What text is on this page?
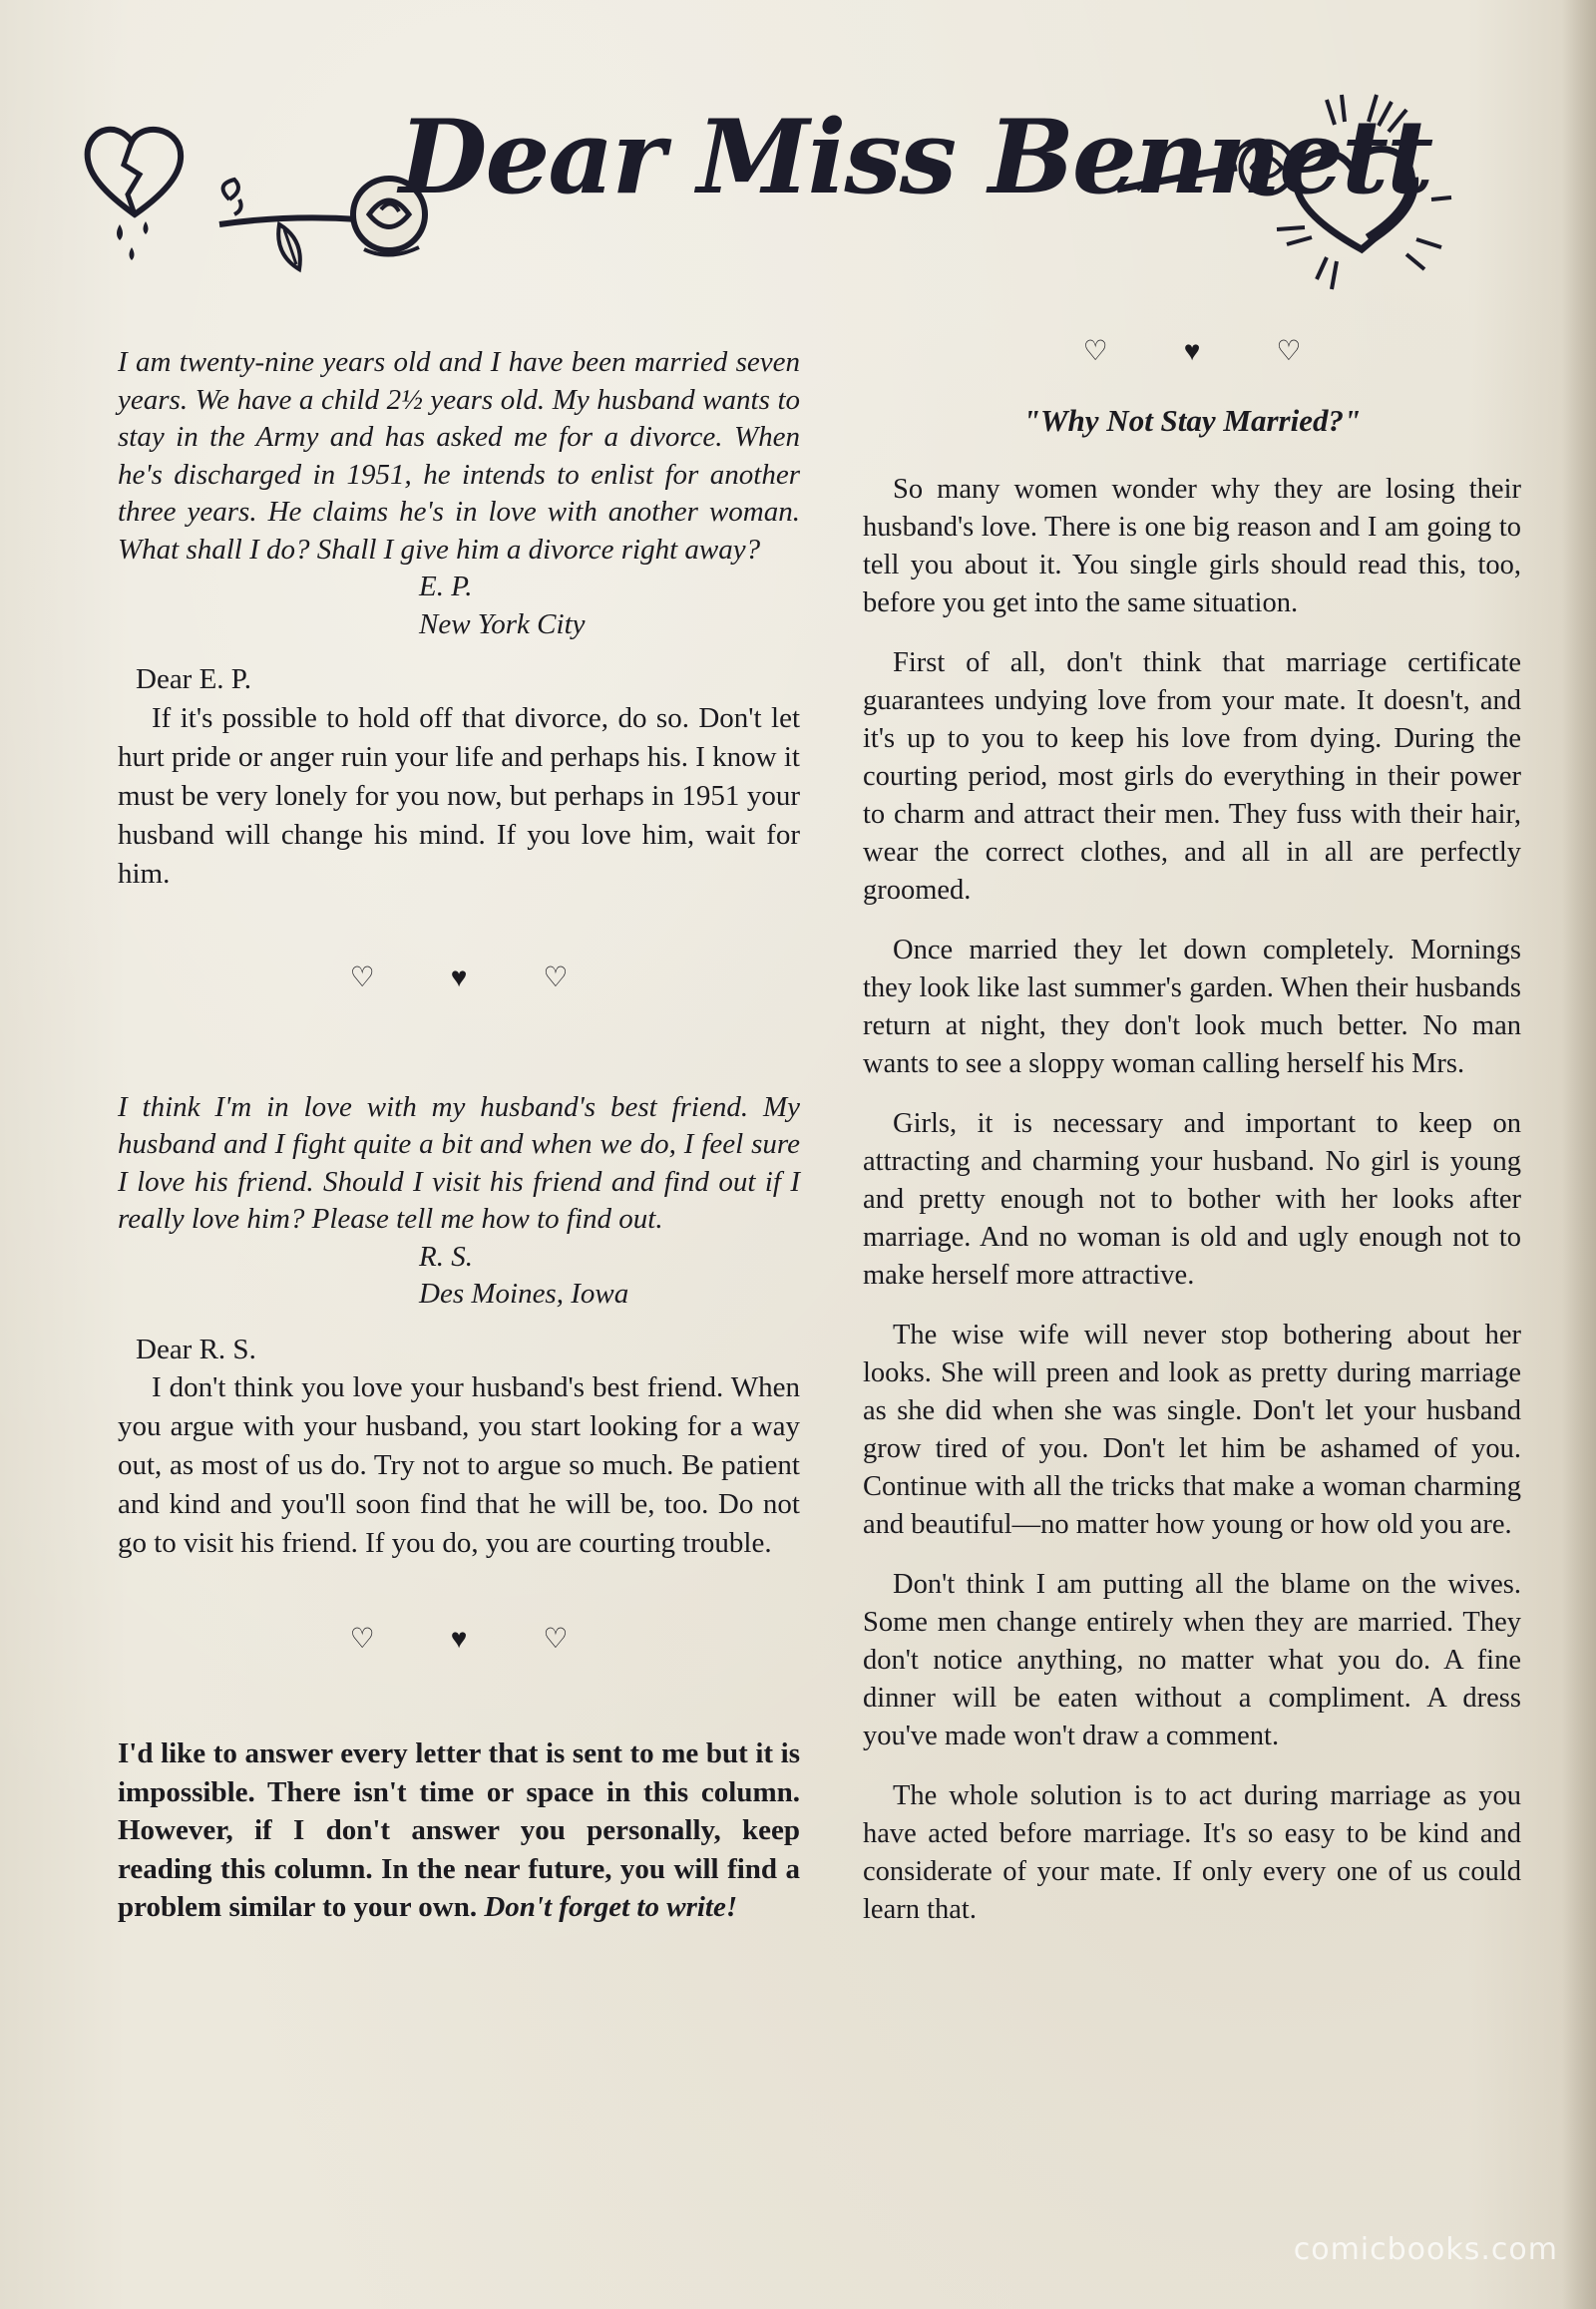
Dear Miss Bennett

I am twenty-nine years old and I have been married seven years. We have a child 2½ years old. My husband wants to stay in the Army and has asked me for a divorce. When he's discharged in 1951, he intends to enlist for another three years. He claims he's in love with another woman. What shall I do? Shall I give him a divorce right away?

E. P.

New York City

Dear E. P.

If it's possible to hold off that divorce, do so. Don't let hurt pride or anger ruin your life and perhaps his. I know it must be very lonely for you now, but perhaps in 1951 your husband will change his mind. If you love him, wait for him.

♡	♥	♡

I think I'm in love with my husband's best friend. My husband and I fight quite a bit and when we do, I feel sure I love his friend. Should I visit his friend and find out if I really love him? Please tell me how to find out.

R. S.

Des Moines, Iowa

Dear R. S.

I don't think you love your husband's best friend. When you argue with your husband, you start looking for a way out, as most of us do. Try not to argue so much. Be patient and kind and you'll soon find that he will be, too. Do not go to visit his friend. If you do, you are courting trouble.

♡	♥	♡

I'd like to answer every letter that is sent to me but it is impossible. There isn't time or space in this column. However, if I don't answer you personally, keep reading this column. In the near future, you will find a problem similar to your own. Don't forget to write!

♡	♥	♡

"Why Not Stay Married?"

So many women wonder why they are losing their husband's love. There is one big reason and I am going to tell you about it. You single girls should read this, too, before you get into the same situation.

First of all, don't think that marriage certificate guarantees undying love from your mate. It doesn't, and it's up to you to keep his love from dying. During the courting period, most girls do everything in their power to charm and attract their men. They fuss with their hair, wear the correct clothes, and all in all are perfectly groomed.

Once married they let down completely. Mornings they look like last summer's garden. When their husbands return at night, they don't look much better. No man wants to see a sloppy woman calling herself his Mrs.

Girls, it is necessary and important to keep on attracting and charming your husband. No girl is young and pretty enough not to bother with her looks after marriage. And no woman is old and ugly enough not to make herself more attractive.

The wise wife will never stop bothering about her looks. She will preen and look as pretty during marriage as she did when she was single. Don't let your husband grow tired of you. Don't let him be ashamed of you. Continue with all the tricks that make a woman charming and beautiful—no matter how young or how old you are.

Don't think I am putting all the blame on the wives. Some men change entirely when they are married. They don't notice anything, no matter what you do. A fine dinner will be eaten without a compliment. A dress you've made won't draw a comment.

The whole solution is to act during marriage as you have acted before marriage. It's so easy to be kind and considerate of your mate. If only every one of us could learn that.

comicbooks.com
